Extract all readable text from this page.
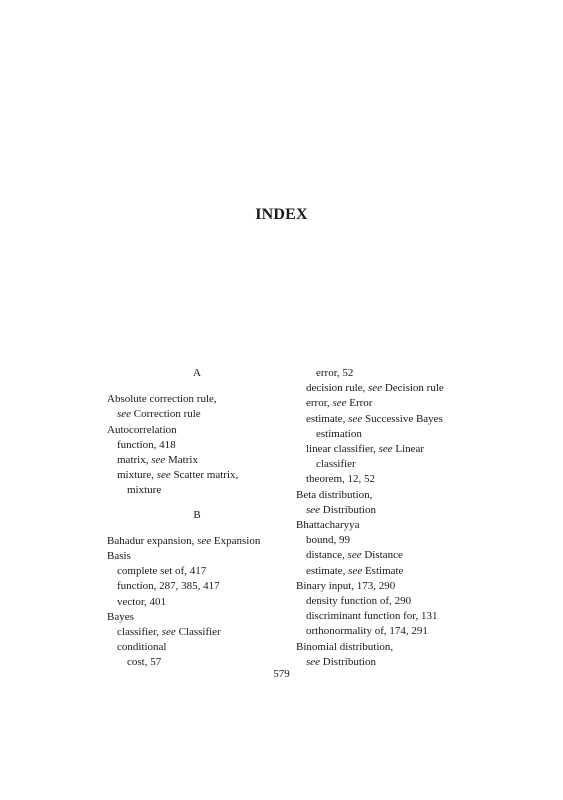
INDEX
A
Absolute correction rule,
see Correction rule
Autocorrelation
function, 418
matrix, see Matrix
mixture, see Scatter matrix,
mixture
B
Bahadur expansion, see Expansion
Basis
complete set of, 417
function, 287, 385, 417
vector, 401
Bayes
classifier, see Classifier
conditional
cost, 57
error, 52
decision rule, see Decision rule
error, see Error
estimate, see Successive Bayes
estimation
linear classifier, see Linear
classifier
theorem, 12, 52
Beta distribution,
see Distribution
Bhattacharyya
bound, 99
distance, see Distance
estimate, see Estimate
Binary input, 173, 290
density function of, 290
discriminant function for, 131
orthonormality of, 174, 291
Binomial distribution,
see Distribution
579
